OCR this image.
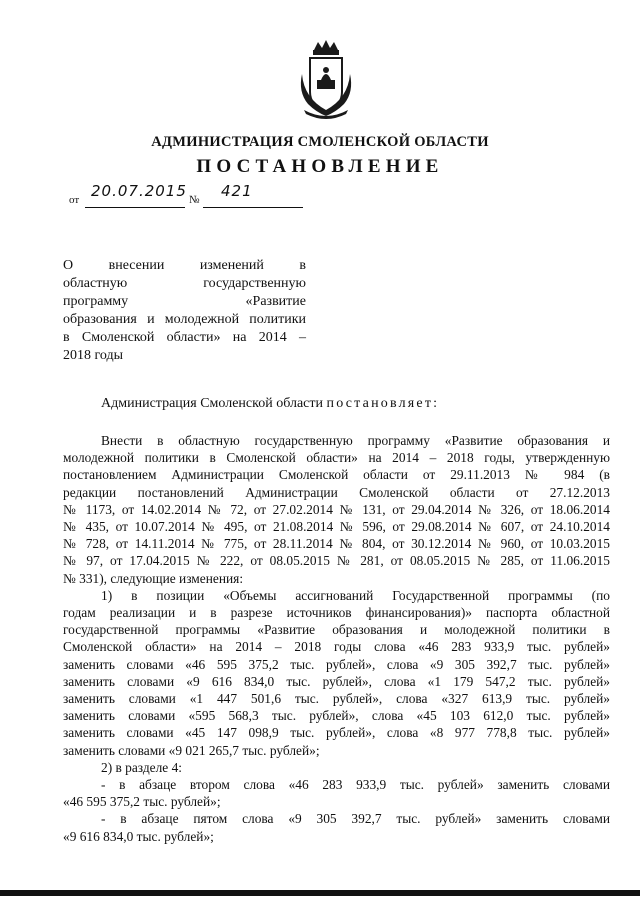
АДМИНИСТРАЦИЯ СМОЛЕНСКОЙ ОБЛАСТИ
ПОСТАНОВЛЕНИЕ
от 20.07.2015 № 421
О внесении изменений в
областную государственную
программу «Развитие
образования и молодежной политики
в Смоленской области» на 2014 –
2018 годы
Администрация Смоленской области постановляет:
Внести в областную государственную программу «Развитие образования и
молодежной политики в Смоленской области» на 2014 – 2018 годы, утвержденную
постановлением Администрации Смоленской области от 29.11.2013 № 984 (в
редакции постановлений Администрации Смоленской области от 27.12.2013
№ 1173, от 14.02.2014 № 72, от 27.02.2014 № 131, от 29.04.2014 № 326, от 18.06.2014
№ 435, от 10.07.2014 № 495, от 21.08.2014 № 596, от 29.08.2014 № 607, от 24.10.2014
№ 728, от 14.11.2014 № 775, от 28.11.2014 № 804, от 30.12.2014 № 960, от 10.03.2015
№ 97, от 17.04.2015 № 222, от 08.05.2015 № 281, от 08.05.2015 № 285, от 11.06.2015
№ 331), следующие изменения:
1) в позиции «Объемы ассигнований Государственной программы (по
годам реализации и в разрезе источников финансирования)» паспорта областной
государственной программы «Развитие образования и молодежной политики в
Смоленской области» на 2014 – 2018 годы слова «46 283 933,9 тыс. рублей»
заменить словами «46 595 375,2 тыс. рублей», слова «9 305 392,7 тыс. рублей»
заменить словами «9 616 834,0 тыс. рублей», слова «1 179 547,2 тыс. рублей»
заменить словами «1 447 501,6 тыс. рублей», слова «327 613,9 тыс. рублей»
заменить словами «595 568,3 тыс. рублей», слова «45 103 612,0 тыс. рублей»
заменить словами «45 147 098,9 тыс. рублей», слова «8 977 778,8 тыс. рублей»
заменить словами «9 021 265,7 тыс. рублей»;
2) в разделе 4:
- в абзаце втором слова «46 283 933,9 тыс. рублей» заменить словами
«46 595 375,2 тыс. рублей»;
- в абзаце пятом слова «9 305 392,7 тыс. рублей» заменить словами
«9 616 834,0 тыс. рублей»;
